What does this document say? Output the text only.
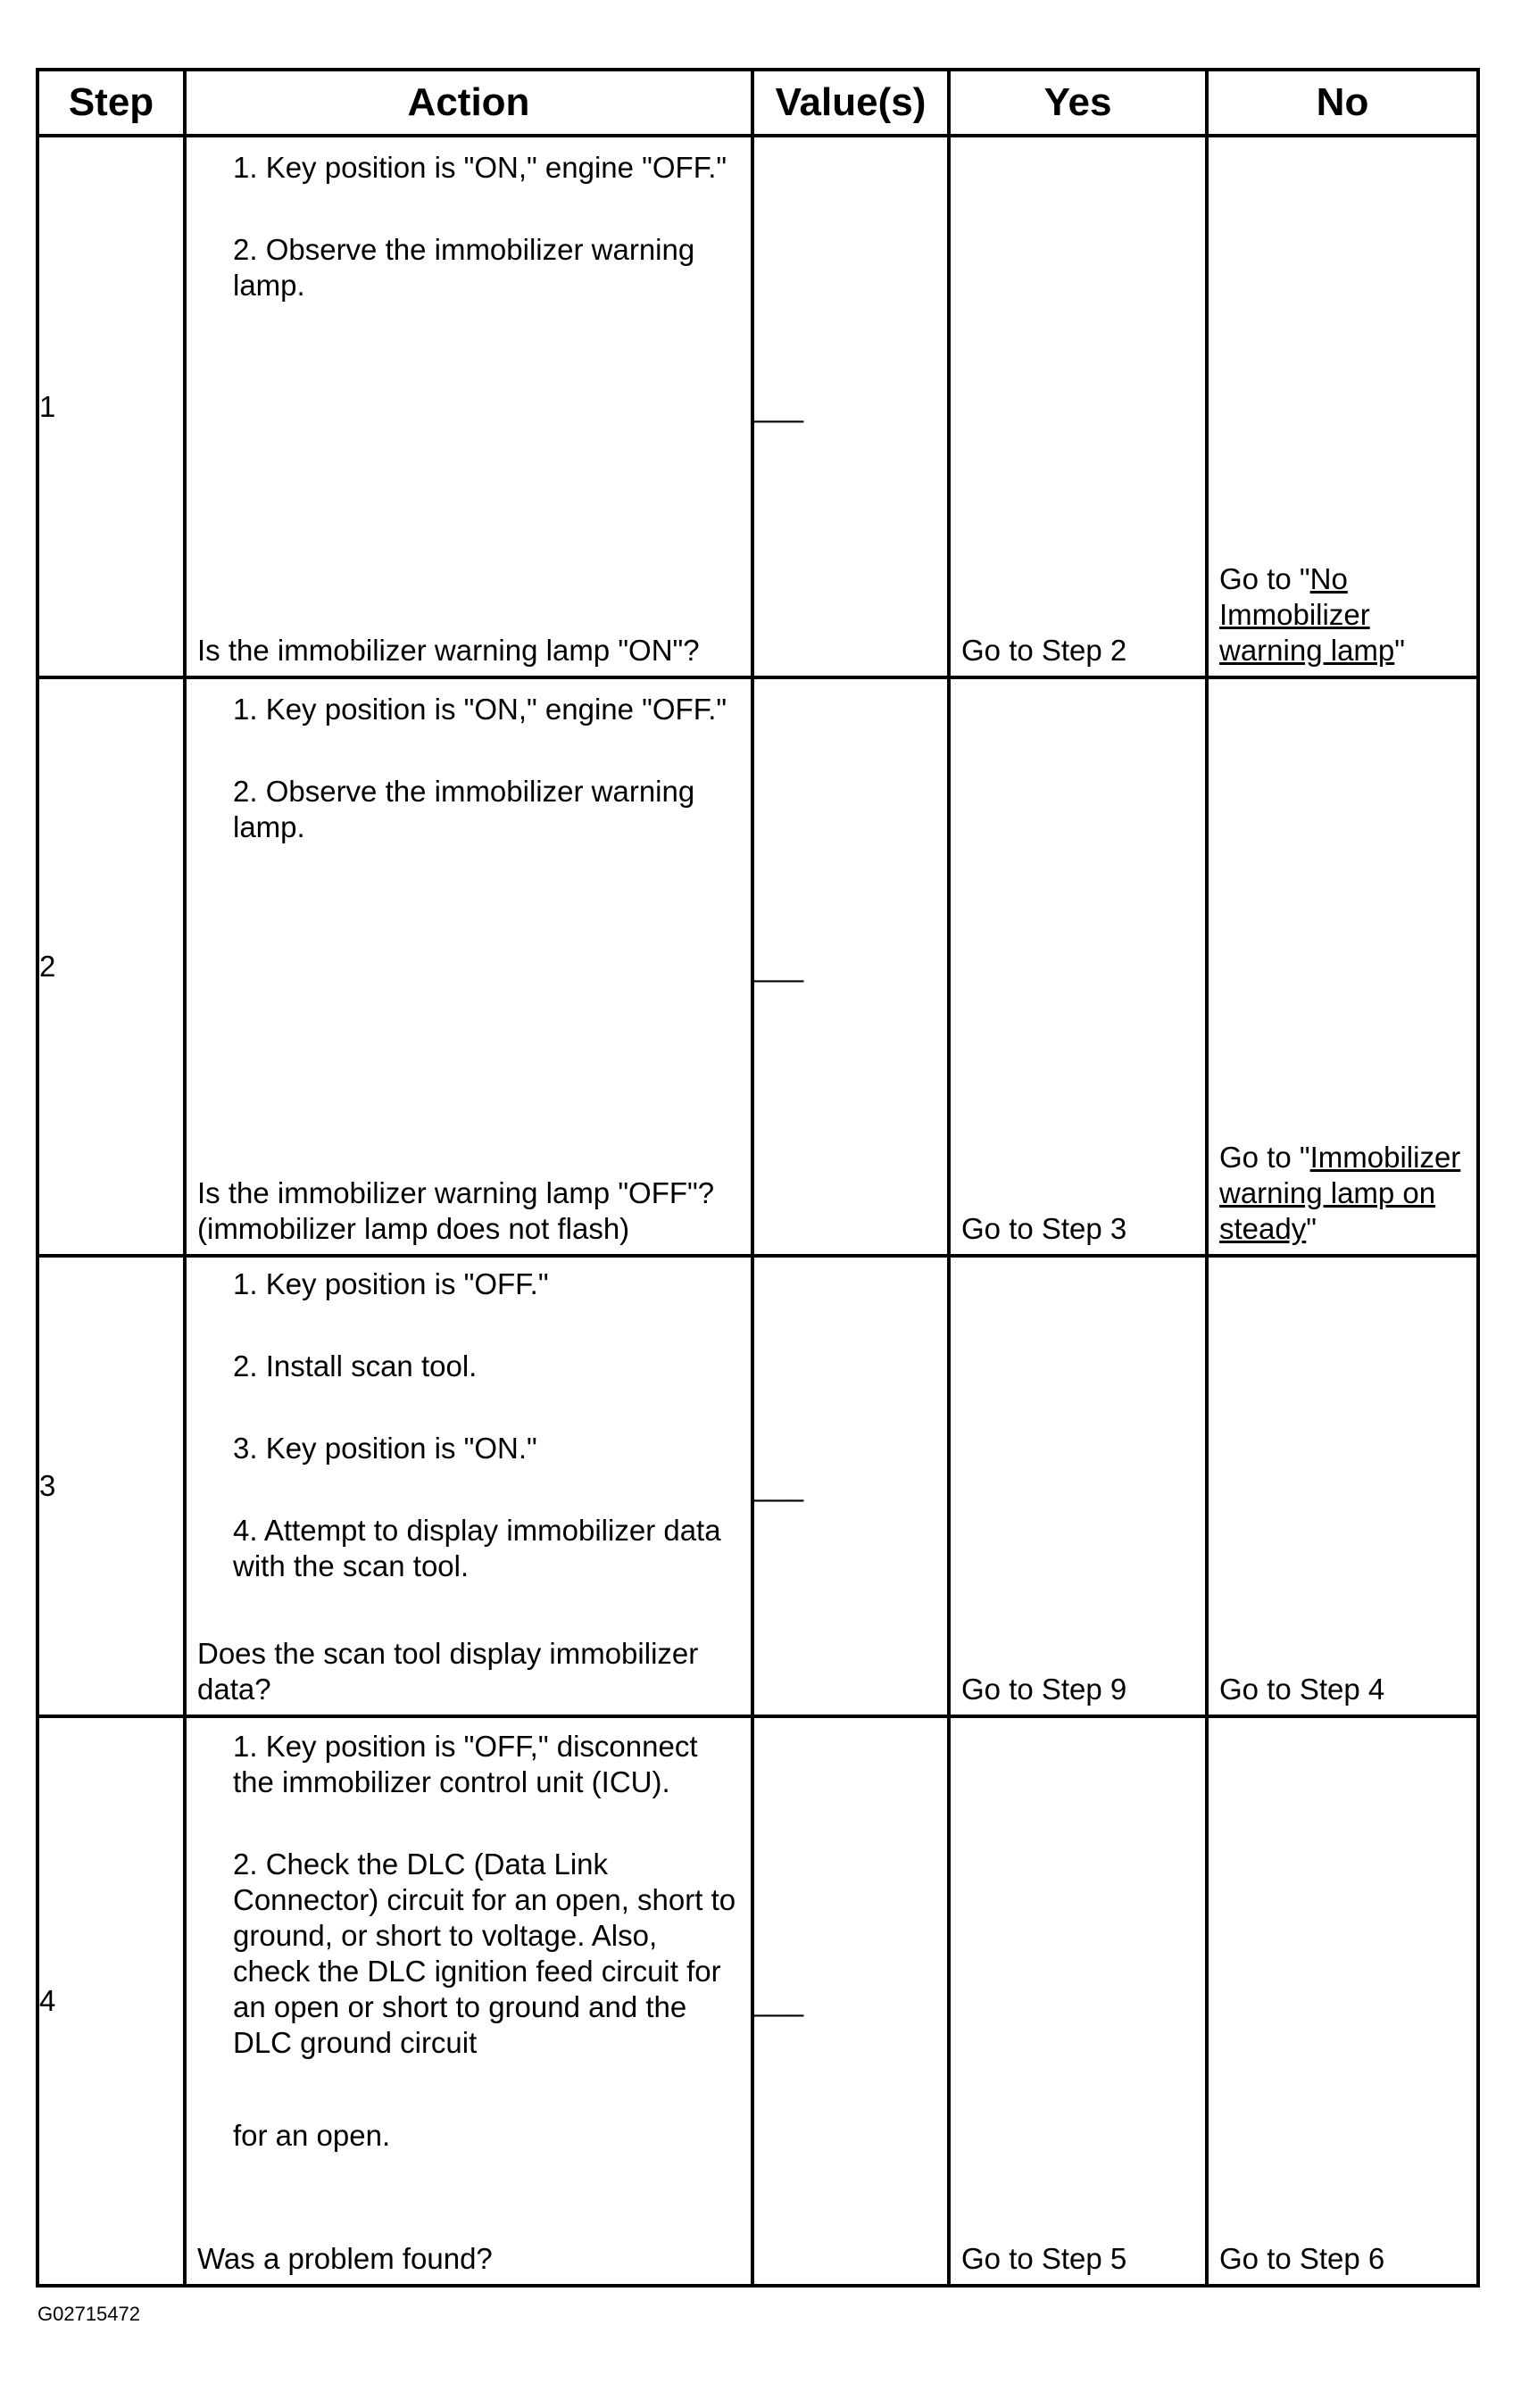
Step	Action	Value(s)	Yes	No
1	1. Key position is "ON," engine "OFF."
2. Observe the immobilizer warning lamp.
Is the immobilizer warning lamp "ON"?	___	Go to Step 2	Go to "No Immobilizer warning lamp"

2	1. Key position is "ON," engine "OFF."
2. Observe the immobilizer warning lamp.
Is the immobilizer warning lamp "OFF"? (immobilizer lamp does not flash)	___	Go to Step 3	Go to "Immobilizer warning lamp on steady"

3	1. Key position is "OFF."
2. Install scan tool.
3. Key position is "ON."
4. Attempt to display immobilizer data with the scan tool.
Does the scan tool display immobilizer data?	___	Go to Step 9	Go to Step 4

4	1. Key position is "OFF," disconnect the immobilizer control unit (ICU).
2. Check the DLC (Data Link Connector) circuit for an open, short to ground, or short to voltage. Also, check the DLC ignition feed circuit for an open or short to ground and the DLC ground circuit
for an open.
Was a problem found?	___	Go to Step 5	Go to Step 6
G02715472
